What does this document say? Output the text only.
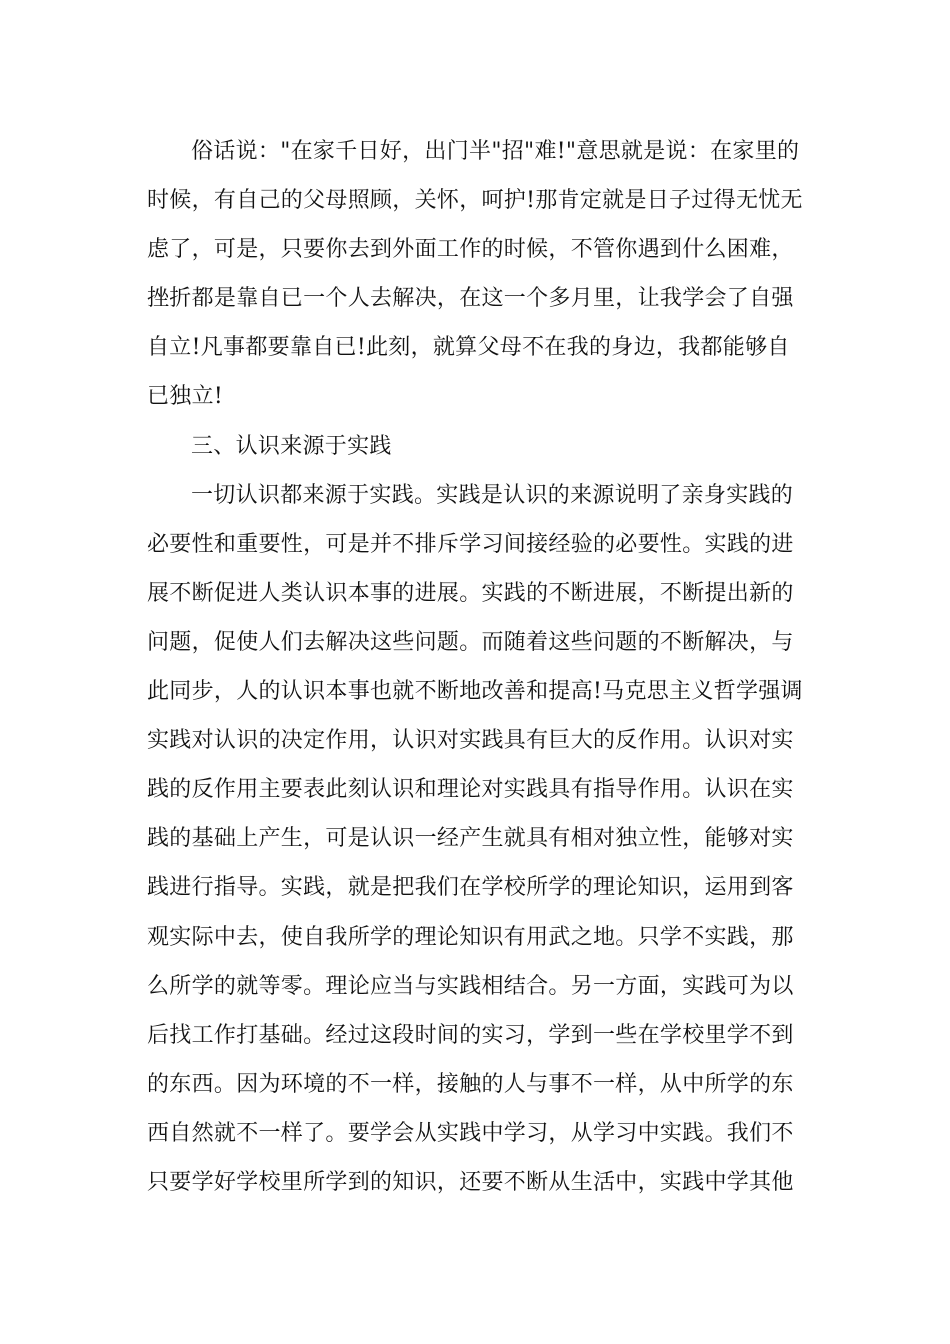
俗话说："在家千日好，出门半"招"难!"意思就是说：在家里的
时候，有自己的父母照顾，关怀，呵护!那肯定就是日子过得无忧无
虑了，可是，只要你去到外面工作的时候，不管你遇到什么困难，
挫折都是靠自已一个人去解决，在这一个多月里，让我学会了自强
自立!凡事都要靠自已!此刻，就算父母不在我的身边，我都能够自
已独立!
三、认识来源于实践
一切认识都来源于实践。实践是认识的来源说明了亲身实践的
必要性和重要性，可是并不排斥学习间接经验的必要性。实践的进
展不断促进人类认识本事的进展。实践的不断进展，不断提出新的
问题，促使人们去解决这些问题。而随着这些问题的不断解决，与
此同步，人的认识本事也就不断地改善和提高!马克思主义哲学强调
实践对认识的决定作用，认识对实践具有巨大的反作用。认识对实
践的反作用主要表此刻认识和理论对实践具有指导作用。认识在实
践的基础上产生，可是认识一经产生就具有相对独立性，能够对实
践进行指导。实践，就是把我们在学校所学的理论知识，运用到客
观实际中去，使自我所学的理论知识有用武之地。只学不实践，那
么所学的就等零。理论应当与实践相结合。另一方面，实践可为以
后找工作打基础。经过这段时间的实习，学到一些在学校里学不到
的东西。因为环境的不一样，接触的人与事不一样，从中所学的东
西自然就不一样了。要学会从实践中学习，从学习中实践。我们不
只要学好学校里所学到的知识，还要不断从生活中，实践中学其他
